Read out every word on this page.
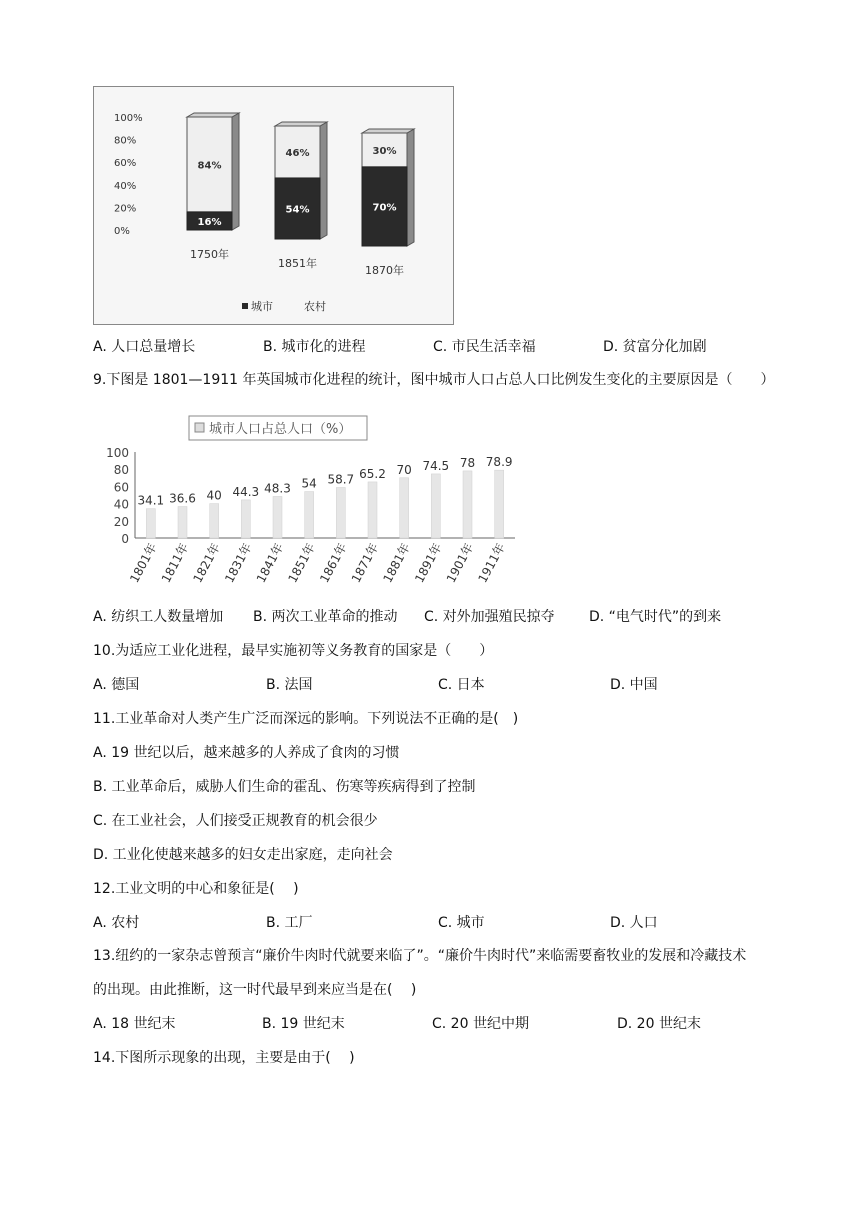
100%
80%
60%
40%
20%
0%
84%
16%
1750年
46%
54%
1851年
30%
70%
1870年
城市	农村
A. 人口总量增长	B. 城市化的进程	C. 市民生活幸福	D. 贫富分化加剧
9.下图是 1801—1911 年英国城市化进程的统计，图中城市人口占总人口比例发生变化的主要原因是（　　）
城市人口占总人口（%）
100
80
60
40
20
0
34.1
1801年
36.6
1811年
40
1821年
44.3
1831年
48.3
1841年
54
1851年
58.7
1861年
65.2
1871年
70
1881年
74.5
1891年
78
1901年
78.9
1911年
A. 纺织工人数量增加 B. 两次工业革命的推动 C. 对外加强殖民掠夺 D. “电气时代”的到来
10.为适应工业化进程，最早实施初等义务教育的国家是（　　）
A. 德国	B. 法国	C. 日本	D. 中国
11.工业革命对人类产生广泛而深远的影响。下列说法不正确的是(　)
A. 19 世纪以后，越来越多的人养成了食肉的习惯
B. 工业革命后，威胁人们生命的霍乱、伤寒等疾病得到了控制
C. 在工业社会，人们接受正规教育的机会很少
D. 工业化使越来越多的妇女走出家庭，走向社会
12.工业文明的中心和象征是(　 )
A. 农村	B. 工厂	C. 城市	D. 人口
13.纽约的一家杂志曾预言“廉价牛肉时代就要来临了”。“廉价牛肉时代”来临需要畜牧业的发展和冷藏技术
的出现。由此推断，这一时代最早到来应当是在(　 )
A. 18 世纪末	B. 19 世纪末	C. 20 世纪中期	D. 20 世纪末
14.下图所示现象的出现，主要是由于(　 )
